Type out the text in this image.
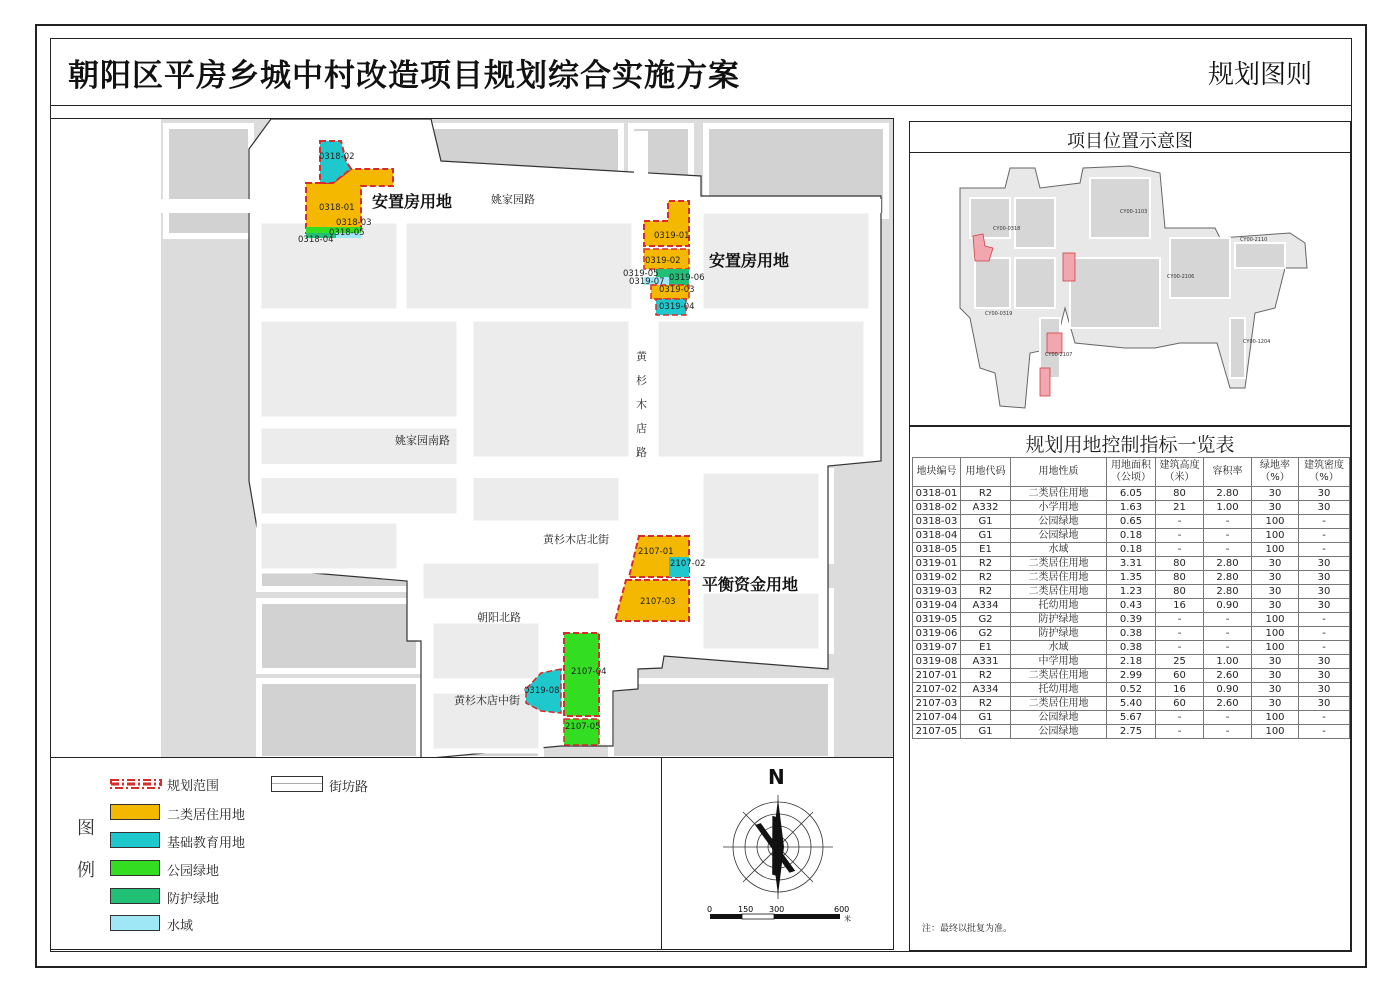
朝阳区平房乡城中村改造项目规划综合实施方案	规划图则
姚家园路
姚家园南路
黄
杉
木
店
路
黄杉木店北街
朝阳北路
黄杉木店中街
安置房用地
安置房用地
平衡资金用地
0318-02
0318-01
0318-03
0318-05
0318-04	0319-01
0319-02
0319-05 0319-06
0319-07
0319-03
0319-04
2107-01
2107-02
2107-03
2107-04
0319-08
2107-05
图
例
规划范围
二类居住用地
基础教育用地
公园绿地
防护绿地
水域
街坊路	N
0	150 300	600
米
项目位置示意图
CY00-1103
CY00-0318
CY00-2110
CY00-2106
CY00-0319
CY00-2107
CY00-1204
规划用地控制指标一览表
地块编号	用地代码	用地性质	用地面积（公顷）	建筑高度（米）	容积率	绿地率（%）	建筑密度（%）
0318-01	R2	二类居住用地	6.05	80	2.80	30	30
0318-02	A332	小学用地	1.63	21	1.00	30	30
0318-03	G1	公园绿地	0.65	-	-	100	-
0318-04	G1	公园绿地	0.18	-	-	100	-
0318-05	E1	水域	0.18	-	-	100	-
0319-01	R2	二类居住用地	3.31	80	2.80	30	30
0319-02	R2	二类居住用地	1.35	80	2.80	30	30
0319-03	R2	二类居住用地	1.23	80	2.80	30	30
0319-04	A334	托幼用地	0.43	16	0.90	30	30
0319-05	G2	防护绿地	0.39	-	-	100	-
0319-06	G2	防护绿地	0.38	-	-	100	-
0319-07	E1	水域	0.38	-	-	100	-
0319-08	A331	中学用地	2.18	25	1.00	30	30
2107-01	R2	二类居住用地	2.99	60	2.60	30	30
2107-02	A334	托幼用地	0.52	16	0.90	30	30
2107-03	R2	二类居住用地	5.40	60	2.60	30	30
2107-04	G1	公园绿地	5.67	-	-	100	-
2107-05	G1	公园绿地	2.75	-	-	100	-
注：最终以批复为准。
